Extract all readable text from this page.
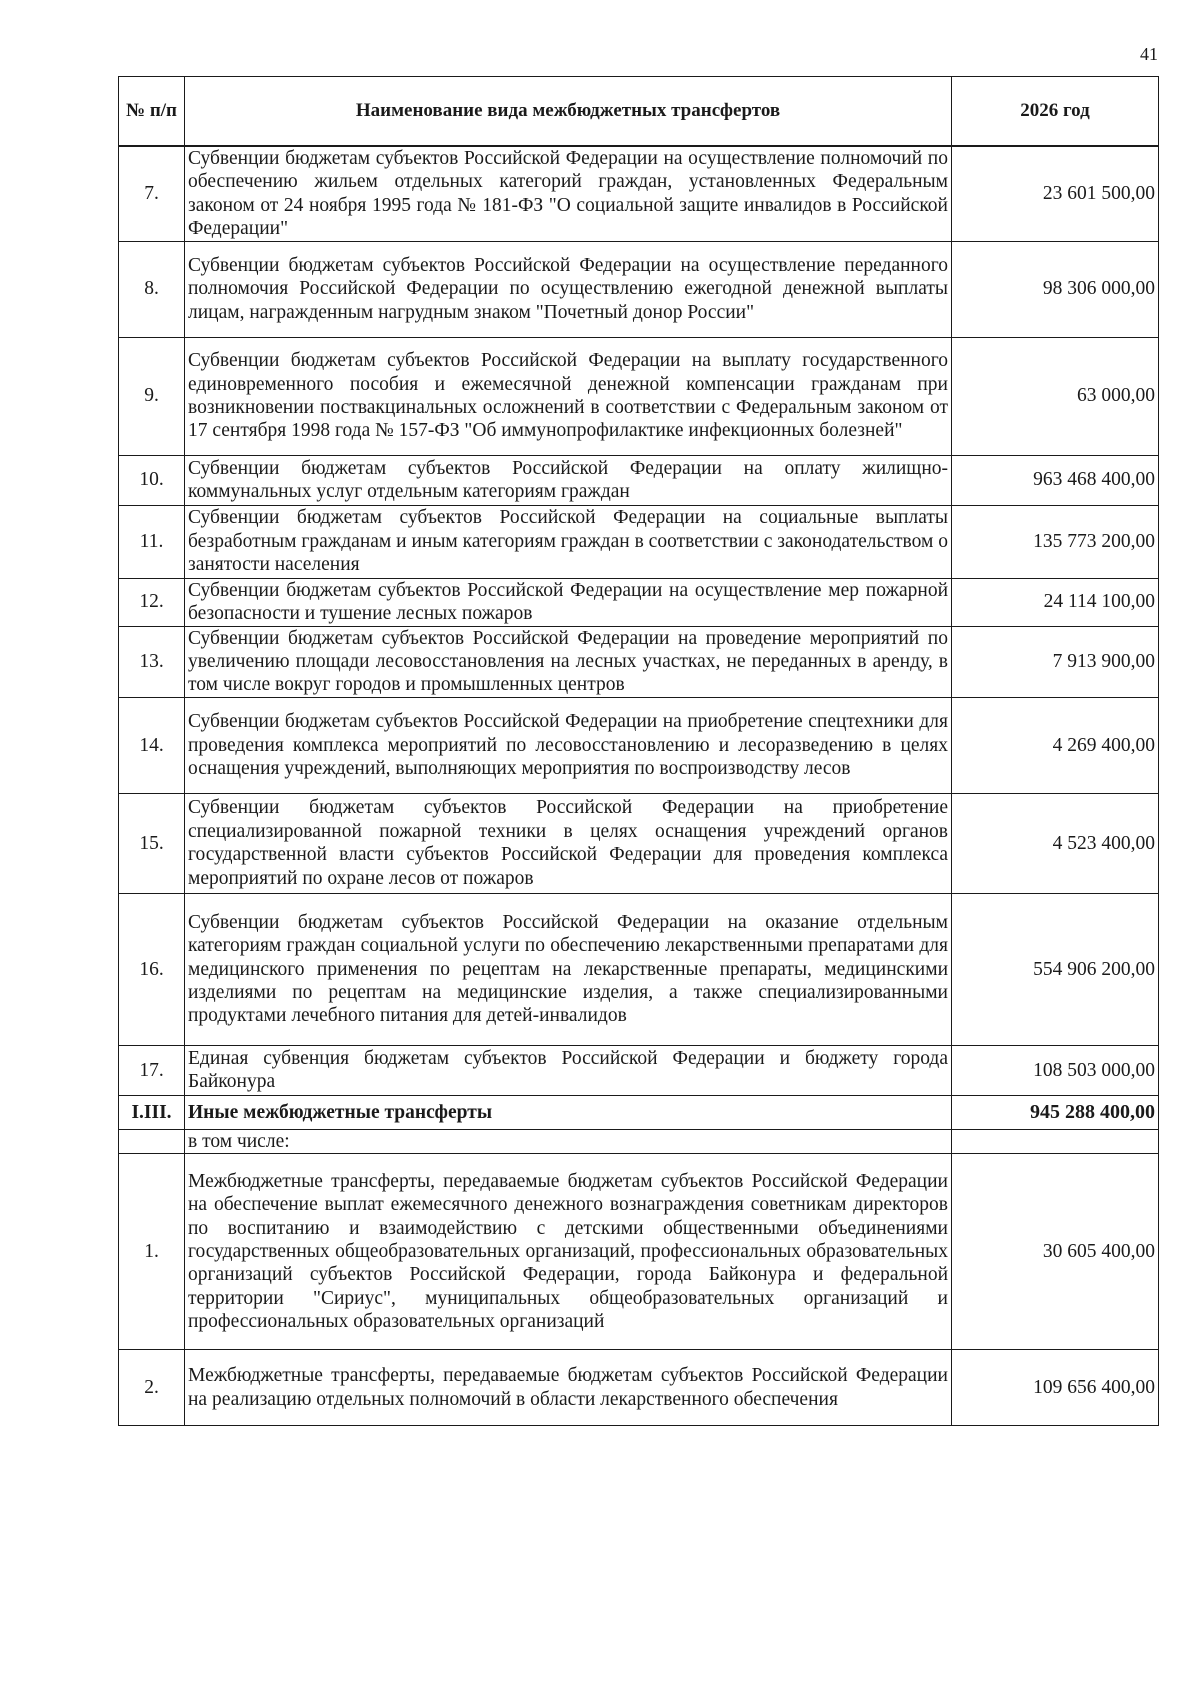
41
№ п/п	Наименование вида межбюджетных трансфертов	2026 год
7.	Субвенции бюджетам субъектов Российской Федерации на осуществление полномочий по обеспечению жильем отдельных категорий граждан, установленных Федеральным законом от 24 ноября 1995 года № 181-ФЗ "О социальной защите инвалидов в Российской Федерации"	23 601 500,00
8.	Субвенции бюджетам субъектов Российской Федерации на осуществление переданного полномочия Российской Федерации по осуществлению ежегодной денежной выплаты лицам, награжденным нагрудным знаком "Почетный донор России"	98 306 000,00
9.	Субвенции бюджетам субъектов Российской Федерации на выплату государственного единовременного пособия и ежемесячной денежной компенсации гражданам при возникновении поствакцинальных осложнений в соответствии с Федеральным законом от 17 сентября 1998 года № 157-ФЗ "Об иммунопрофилактике инфекционных болезней"	63 000,00
10.	Субвенции бюджетам субъектов Российской Федерации на оплату жилищно-коммунальных услуг отдельным категориям граждан	963 468 400,00
11.	Субвенции бюджетам субъектов Российской Федерации на социальные выплаты безработным гражданам и иным категориям граждан в соответствии с законодательством о занятости населения	135 773 200,00
12.	Субвенции бюджетам субъектов Российской Федерации на осуществление мер пожарной безопасности и тушение лесных пожаров	24 114 100,00
13.	Субвенции бюджетам субъектов Российской Федерации на проведение мероприятий по увеличению площади лесовосстановления на лесных участках, не переданных в аренду, в том числе вокруг городов и промышленных центров	7 913 900,00
14.	Субвенции бюджетам субъектов Российской Федерации на приобретение спецтехники для проведения комплекса мероприятий по лесовосстановлению и лесоразведению в целях оснащения учреждений, выполняющих мероприятия по воспроизводству лесов	4 269 400,00
15.	Субвенции бюджетам субъектов Российской Федерации на приобретение специализированной пожарной техники в целях оснащения учреждений органов государственной власти субъектов Российской Федерации для проведения комплекса мероприятий по охране лесов от пожаров	4 523 400,00
16.	Субвенции бюджетам субъектов Российской Федерации на оказание отдельным категориям граждан социальной услуги по обеспечению лекарственными препаратами для медицинского применения по рецептам на лекарственные препараты, медицинскими изделиями по рецептам на медицинские изделия, а также специализированными продуктами лечебного питания для детей-инвалидов	554 906 200,00
17.	Единая субвенция бюджетам субъектов Российской Федерации и бюджету города Байконура	108 503 000,00
I.III.	Иные межбюджетные трансферты	945 288 400,00
	в том числе:	
1.	Межбюджетные трансферты, передаваемые бюджетам субъектов Российской Федерации на обеспечение выплат ежемесячного денежного вознаграждения советникам директоров по воспитанию и взаимодействию с детскими общественными объединениями государственных общеобразовательных организаций, профессиональных образовательных организаций субъектов Российской Федерации, города Байконура и федеральной территории "Сириус", муниципальных общеобразовательных организаций и профессиональных образовательных организаций	30 605 400,00
2.	Межбюджетные трансферты, передаваемые бюджетам субъектов Российской Федерации на реализацию отдельных полномочий в области лекарственного обеспечения	109 656 400,00
